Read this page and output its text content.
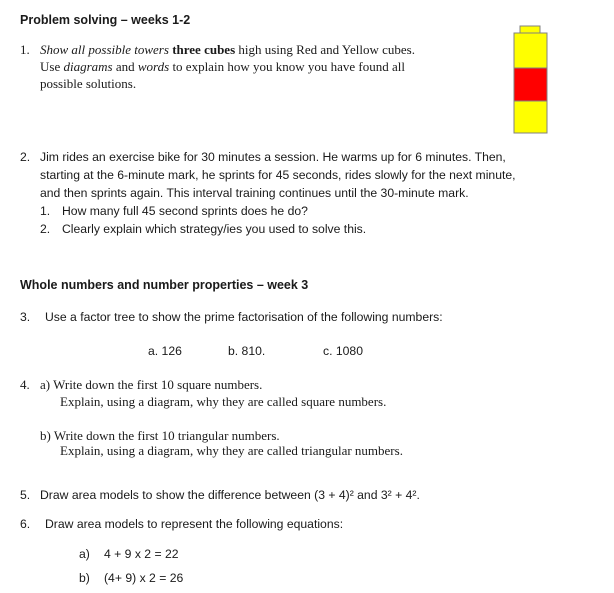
Problem solving – weeks 1-2
1. Show all possible towers three cubes high using Red and Yellow cubes.
Use diagrams and words to explain how you know you have found all
possible solutions.
2. Jim rides an exercise bike for 30 minutes a session. He warms up for 6 minutes. Then,
starting at the 6-minute mark, he sprints for 45 seconds, rides slowly for the next minute,
and then sprints again. This interval training continues until the 30-minute mark.
1. How many full 45 second sprints does he do?
2. Clearly explain which strategy/ies you used to solve this.
Whole numbers and number properties – week 3
3. Use a factor tree to show the prime factorisation of the following numbers:
a. 126	b. 810.	c. 1080
4. a) Write down the first 10 square numbers.
Explain, using a diagram, why they are called square numbers.
b) Write down the first 10 triangular numbers.
Explain, using a diagram, why they are called triangular numbers.
5. Draw area models to show the difference between (3 + 4)² and 3² + 4².
6. Draw area models to represent the following equations:
a) 4 + 9 x 2 = 22
b) (4+ 9) x 2 = 26
